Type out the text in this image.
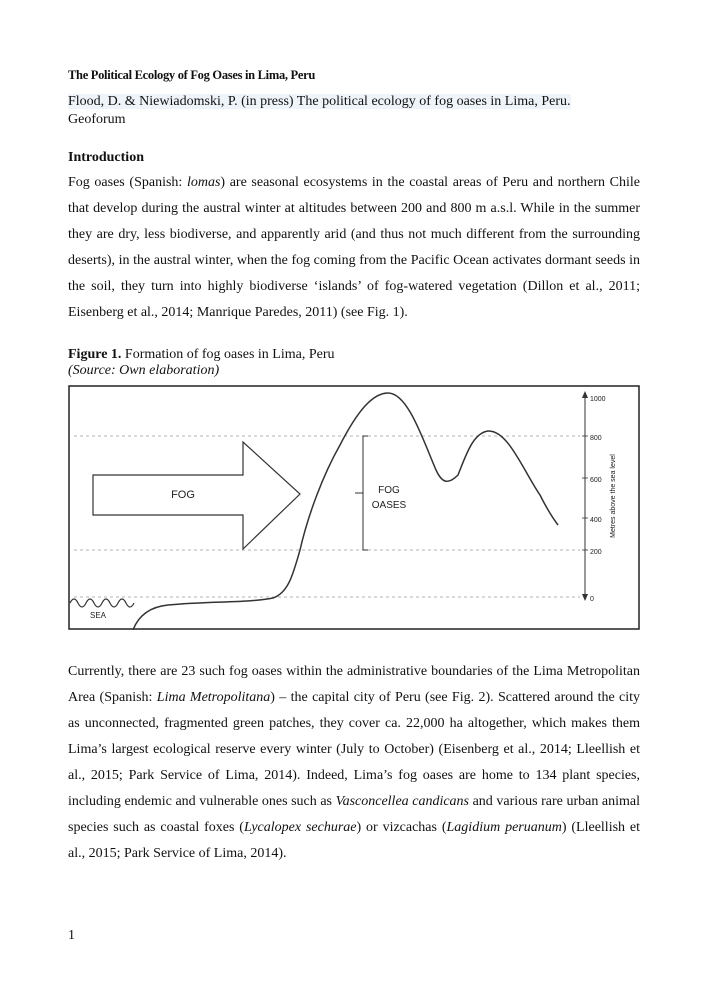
The Political Ecology of Fog Oases in Lima, Peru
Flood, D. & Niewiadomski, P. (in press) The political ecology of fog oases in Lima, Peru.
Geoforum
Introduction
Fog oases (Spanish: lomas) are seasonal ecosystems in the coastal areas of Peru and northern Chile that develop during the austral winter at altitudes between 200 and 800 m a.s.l. While in the summer they are dry, less biodiverse, and apparently arid (and thus not much different from the surrounding deserts), in the austral winter, when the fog coming from the Pacific Ocean activates dormant seeds in the soil, they turn into highly biodiverse ‘islands’ of fog-watered vegetation (Dillon et al., 2011; Eisenberg et al., 2014; Manrique Paredes, 2011) (see Fig. 1).
Figure 1. Formation of fog oases in Lima, Peru
(Source: Own elaboration)
FOG	FOG
OASES
SEA
1000
800
600
400
200
0
Metres above the sea level
Currently, there are 23 such fog oases within the administrative boundaries of the Lima Metropolitan Area (Spanish: Lima Metropolitana) – the capital city of Peru (see Fig. 2). Scattered around the city as unconnected, fragmented green patches, they cover ca. 22,000 ha altogether, which makes them Lima’s largest ecological reserve every winter (July to October) (Eisenberg et al., 2014; Lleellish et al., 2015; Park Service of Lima, 2014). Indeed, Lima’s fog oases are home to 134 plant species, including endemic and vulnerable ones such as Vasconcellea candicans and various rare urban animal species such as coastal foxes (Lycalopex sechurae) or vizcachas (Lagidium peruanum) (Lleellish et al., 2015; Park Service of Lima, 2014).
1
